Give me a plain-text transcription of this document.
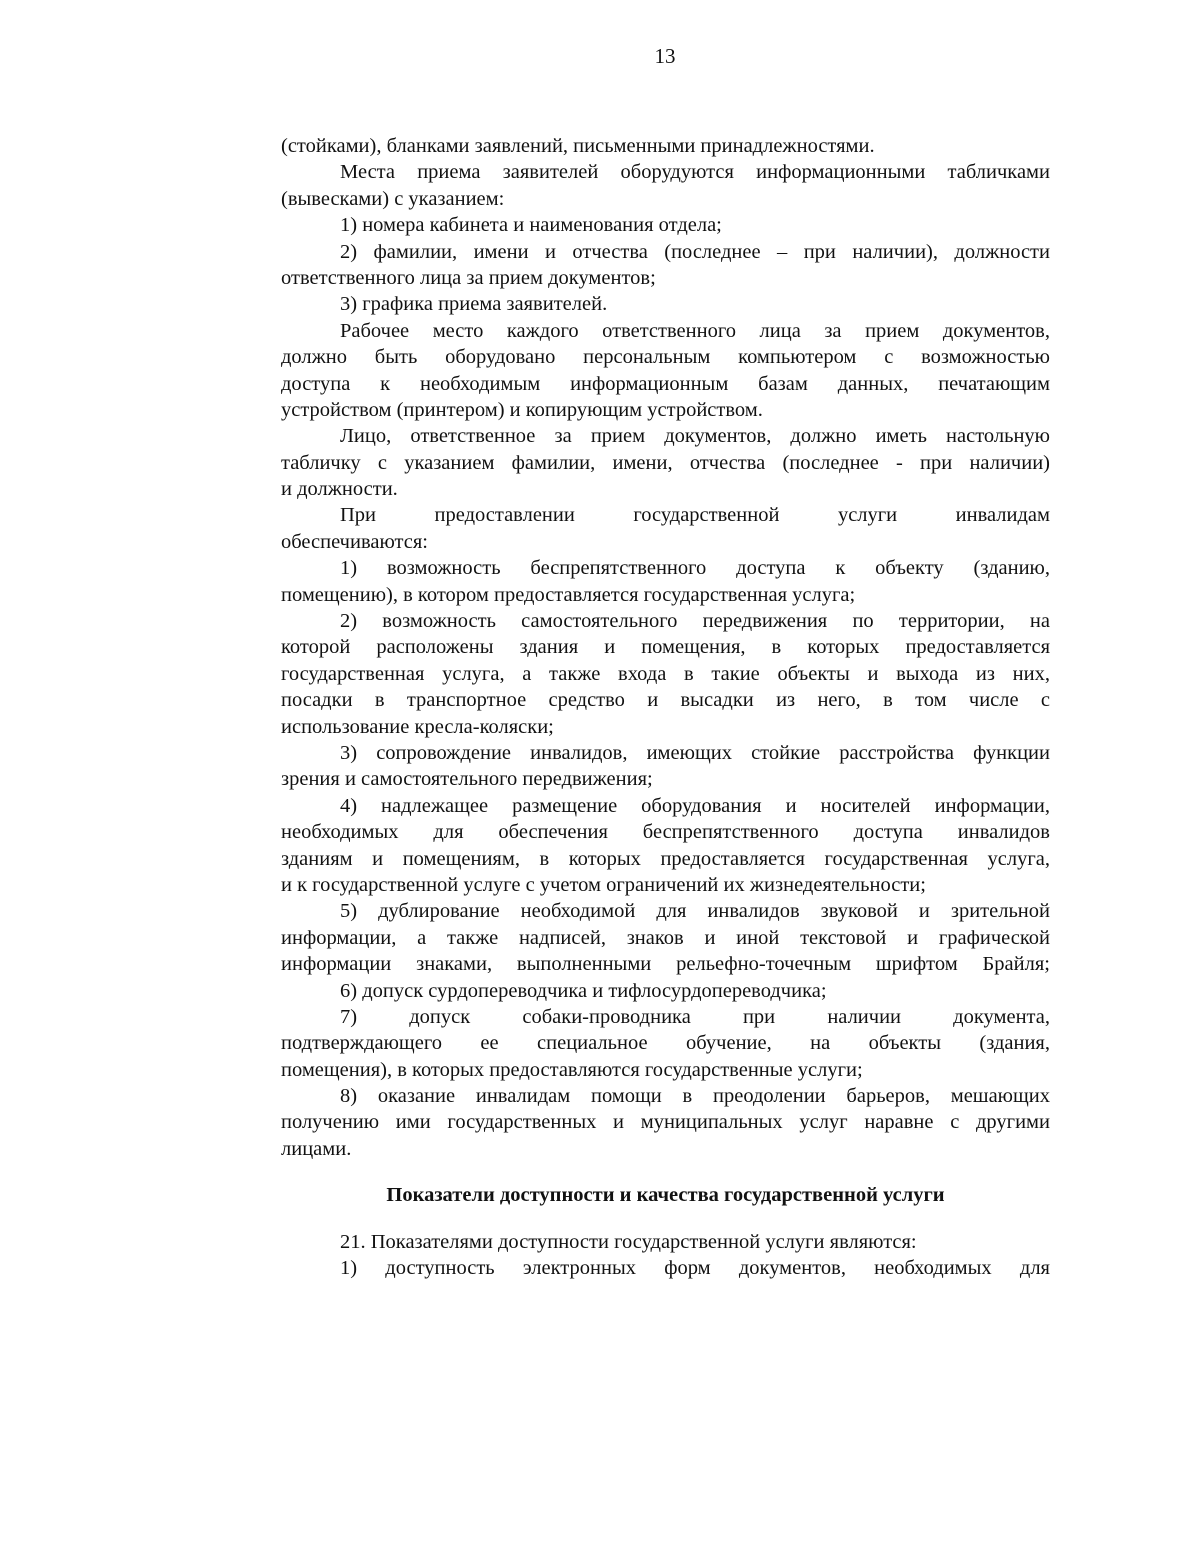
13
(стойками), бланками заявлений, письменными принадлежностями.
Места приема заявителей оборудуются информационными табличками
(вывесками) с указанием:
1) номера кабинета и наименования отдела;
2) фамилии, имени и отчества (последнее – при наличии), должности
ответственного лица за прием документов;
3) графика приема заявителей.
Рабочее место каждого ответственного лица за прием документов,
должно быть оборудовано персональным компьютером с возможностью
доступа к необходимым информационным базам данных, печатающим
устройством (принтером) и копирующим устройством.
Лицо, ответственное за прием документов, должно иметь настольную
табличку с указанием фамилии, имени, отчества (последнее - при наличии)
и должности.
При предоставлении государственной услуги инвалидам
обеспечиваются:
1) возможность беспрепятственного доступа к объекту (зданию,
помещению), в котором предоставляется государственная услуга;
2) возможность самостоятельного передвижения по территории, на
которой расположены здания и помещения, в которых предоставляется
государственная услуга, а также входа в такие объекты и выхода из них,
посадки в транспортное средство и высадки из него, в том числе с
использование кресла-коляски;
3) сопровождение инвалидов, имеющих стойкие расстройства функции
зрения и самостоятельного передвижения;
4) надлежащее размещение оборудования и носителей информации,
необходимых для обеспечения беспрепятственного доступа инвалидов
зданиям и помещениям, в которых предоставляется государственная услуга,
и к государственной услуге с учетом ограничений их жизнедеятельности;
5) дублирование необходимой для инвалидов звуковой и зрительной
информации, а также надписей, знаков и иной текстовой и графической
информации знаками, выполненными рельефно-точечным шрифтом Брайля;
6) допуск сурдопереводчика и тифлосурдопереводчика;
7) допуск собаки-проводника при наличии документа,
подтверждающего ее специальное обучение, на объекты (здания,
помещения), в которых предоставляются государственные услуги;
8) оказание инвалидам помощи в преодолении барьеров, мешающих
получению ими государственных и муниципальных услуг наравне с другими
лицами.
Показатели доступности и качества государственной услуги
21. Показателями доступности государственной услуги являются:
1) доступность электронных форм документов, необходимых для
